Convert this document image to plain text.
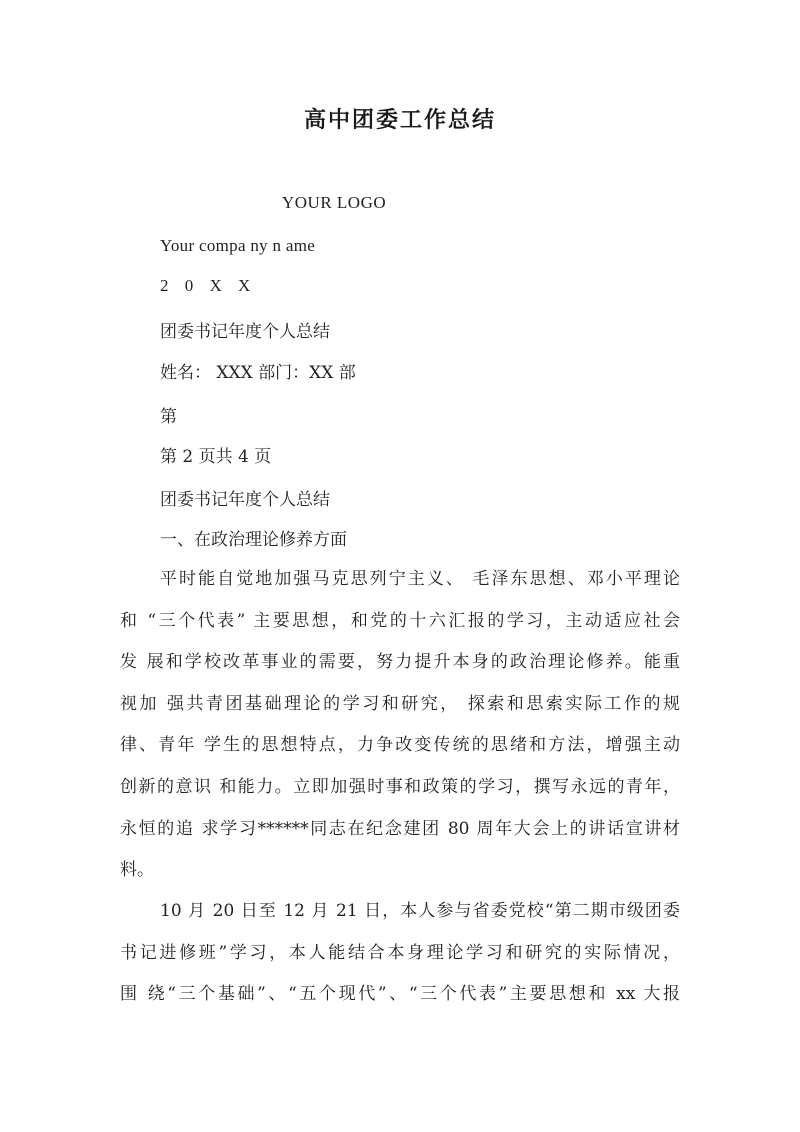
高中团委工作总结
YOUR LOGO
Your compa ny n ame
2 0 X X
团委书记年度个人总结
姓名： XXX 部门：XX 部
第
第 2 页共 4 页
团委书记年度个人总结
一、在政治理论修养方面
平时能自觉地加强马克思列宁主义、 毛泽东思想、邓小平理论
和 “三个代表” 主要思想，和党的十六汇报的学习，主动适应社会
发 展和学校改革事业的需要，努力提升本身的政治理论修养。能重
视加 强共青团基础理论的学习和研究， 探索和思索实际工作的规
律、青年 学生的思想特点，力争改变传统的思绪和方法，增强主动
创新的意识 和能力。立即加强时事和政策的学习，撰写永远的青年，
永恒的追 求学习******同志在纪念建团 80 周年大会上的讲话宣讲材
料。
10 月 20 日至 12 月 21 日，本人参与省委党校“第二期市级团委
书记进修班”学习，本人能结合本身理论学习和研究的实际情况，
围 绕“三个基础”、“五个现代”、“三个代表”主要思想和 xx 大报
